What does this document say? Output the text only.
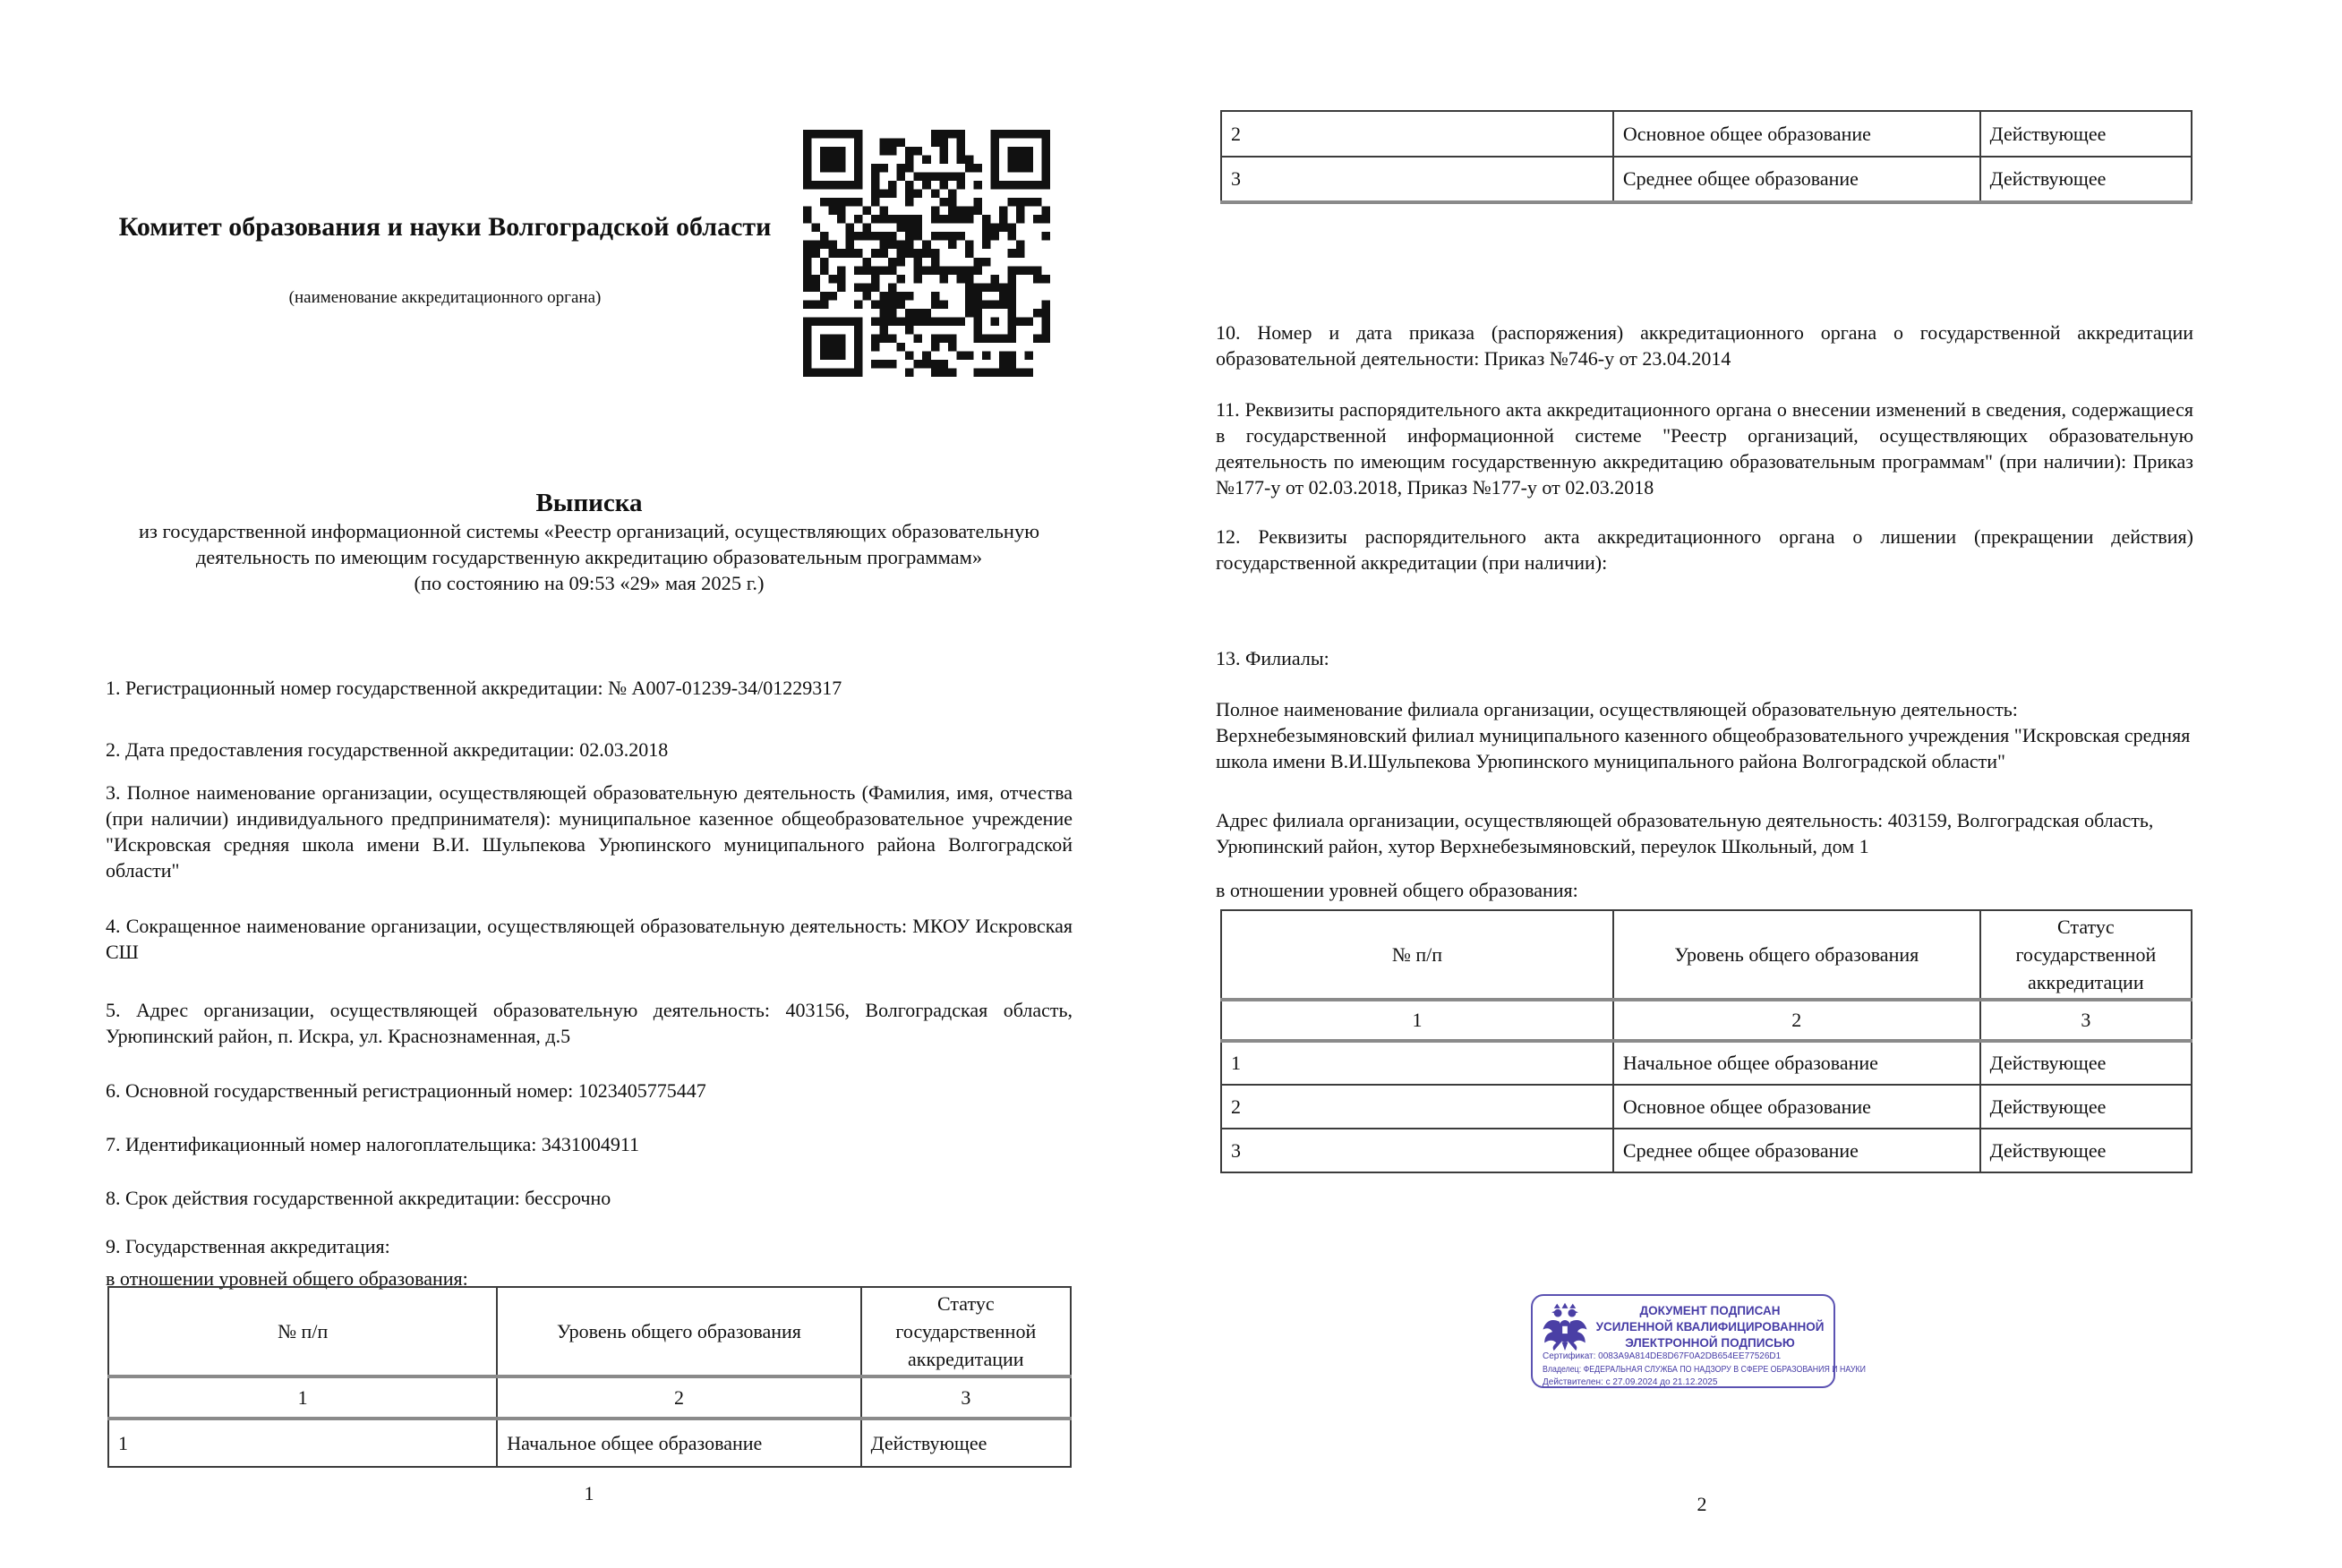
Комитет образования и науки Волгоградской области
(наименование аккредитационного органа)
Выписка
из государственной информационной системы «Реестр организаций, осуществляющих образовательную деятельность по имеющим государственную аккредитацию образовательным программам»
(по состоянию на 09:53 «29» мая 2025 г.)

1. Регистрационный номер государственной аккредитации: № А007-01239-34/01229317

2. Дата предоставления государственной аккредитации: 02.03.2018

3. Полное наименование организации, осуществляющей образовательную деятельность (Фамилия, имя, отчества (при наличии) индивидуального предпринимателя): муниципальное казенное общеобразовательное учреждение "Искровская средняя школа имени В.И. Шульпекова Урюпинского муниципального района Волгоградской области"

4. Сокращенное наименование организации, осуществляющей образовательную деятельность: МКОУ Искровская СШ

5. Адрес организации, осуществляющей образовательную деятельность: 403156, Волгоградская область, Урюпинский район, п. Искра, ул. Краснознаменная, д.5

6. Основной государственный регистрационный номер: 1023405775447

7. Идентификационный номер налогоплательщика: 3431004911

8. Срок действия государственной аккредитации: бессрочно

9. Государственная аккредитация:

в отношении уровней общего образования:

№ п/п	Уровень общего образования	Статус государственной аккредитации
1	2	3
1	Начальное общее образование	Действующее
1
2	Основное общее образование	Действующее
3	Среднее общее образование	Действующее

10. Номер и дата приказа (распоряжения) аккредитационного органа о государственной аккредитации образовательной деятельности: Приказ №746-у от 23.04.2014

11. Реквизиты распорядительного акта аккредитационного органа о внесении изменений в сведения, содержащиеся в государственной информационной системе "Реестр организаций, осуществляющих образовательную деятельность по имеющим государственную аккредитацию образовательным программам" (при наличии): Приказ №177-у от 02.03.2018, Приказ №177-у от 02.03.2018

12. Реквизиты распорядительного акта аккредитационного органа о лишении (прекращении действия) государственной аккредитации (при наличии):

13. Филиалы:

Полное наименование филиала организации, осуществляющей образовательную деятельность: Верхнебезымяновский филиал муниципального казенного общеобразовательного учреждения "Искровская средняя школа имени В.И.Шульпекова Урюпинского муниципального района Волгоградской области"

Адрес филиала организации, осуществляющей образовательную деятельность: 403159, Волгоградская область, Урюпинский район, хутор Верхнебезымяновский, переулок Школьный, дом 1

в отношении уровней общего образования:

№ п/п	Уровень общего образования	Статус государственной аккредитации
1	2	3
1	Начальное общее образование	Действующее
2	Основное общее образование	Действующее
3	Среднее общее образование	Действующее
ДОКУМЕНТ ПОДПИСАН
УСИЛЕННОЙ КВАЛИФИЦИРОВАННОЙ
ЭЛЕКТРОННОЙ ПОДПИСЬЮ
Сертификат: 0083A9A814DE8D67F0A2DB654EE77526D1
Владелец: ФЕДЕРАЛЬНАЯ СЛУЖБА ПО НАДЗОРУ В СФЕРЕ ОБРАЗОВАНИЯ И НАУКИ
Действителен: с 27.09.2024 до 21.12.2025
2
